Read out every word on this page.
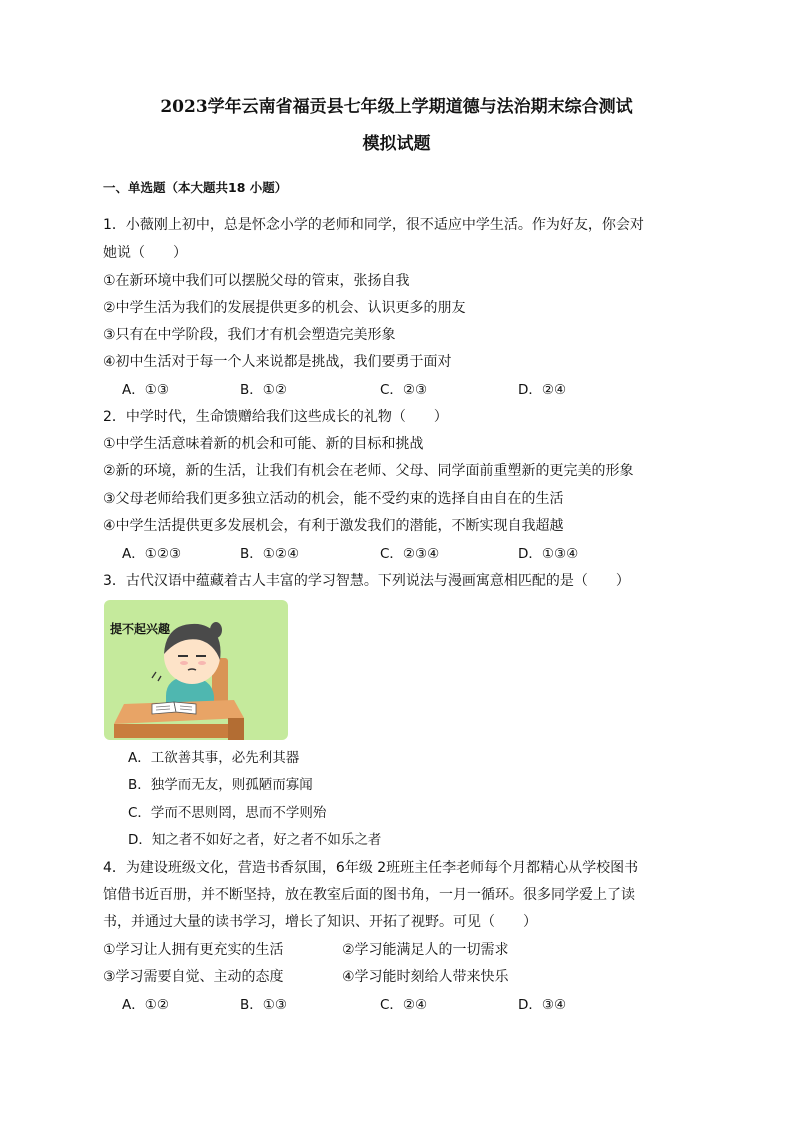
2023学年云南省福贡县七年级上学期道德与法治期末综合测试
模拟试题
一、单选题（本大题共18 小题）
1．小薇刚上初中，总是怀念小学的老师和同学，很不适应中学生活。作为好友，你会对
她说（　　）
①在新环境中我们可以摆脱父母的管束，张扬自我
②中学生活为我们的发展提供更多的机会、认识更多的朋友
③只有在中学阶段，我们才有机会塑造完美形象
④初中生活对于每一个人来说都是挑战，我们要勇于面对
A．①③	B．①②	C．②③	D．②④
2．中学时代，生命馈赠给我们这些成长的礼物（　　）
①中学生活意味着新的机会和可能、新的目标和挑战
②新的环境，新的生活，让我们有机会在老师、父母、同学面前重塑新的更完美的形象
③父母老师给我们更多独立活动的机会，能不受约束的选择自由自在的生活
④中学生活提供更多发展机会，有利于激发我们的潜能，不断实现自我超越
A．①②③	B．①②④	C．②③④	D．①③④
3．古代汉语中蕴藏着古人丰富的学习智慧。下列说法与漫画寓意相匹配的是（　　）
提不起兴趣
A．工欲善其事，必先利其器
B．独学而无友，则孤陋而寡闻
C．学而不思则罔，思而不学则殆
D．知之者不如好之者，好之者不如乐之者
4．为建设班级文化，营造书香氛围，6年级 2班班主任李老师每个月都精心从学校图书
馆借书近百册，并不断坚持，放在教室后面的图书角，一月一循环。很多同学爱上了读
书，并通过大量的读书学习，增长了知识、开拓了视野。可见（　　）
①学习让人拥有更充实的生活	②学习能满足人的一切需求
③学习需要自觉、主动的态度	④学习能时刻给人带来快乐
A．①②	B．①③	C．②④	D．③④
